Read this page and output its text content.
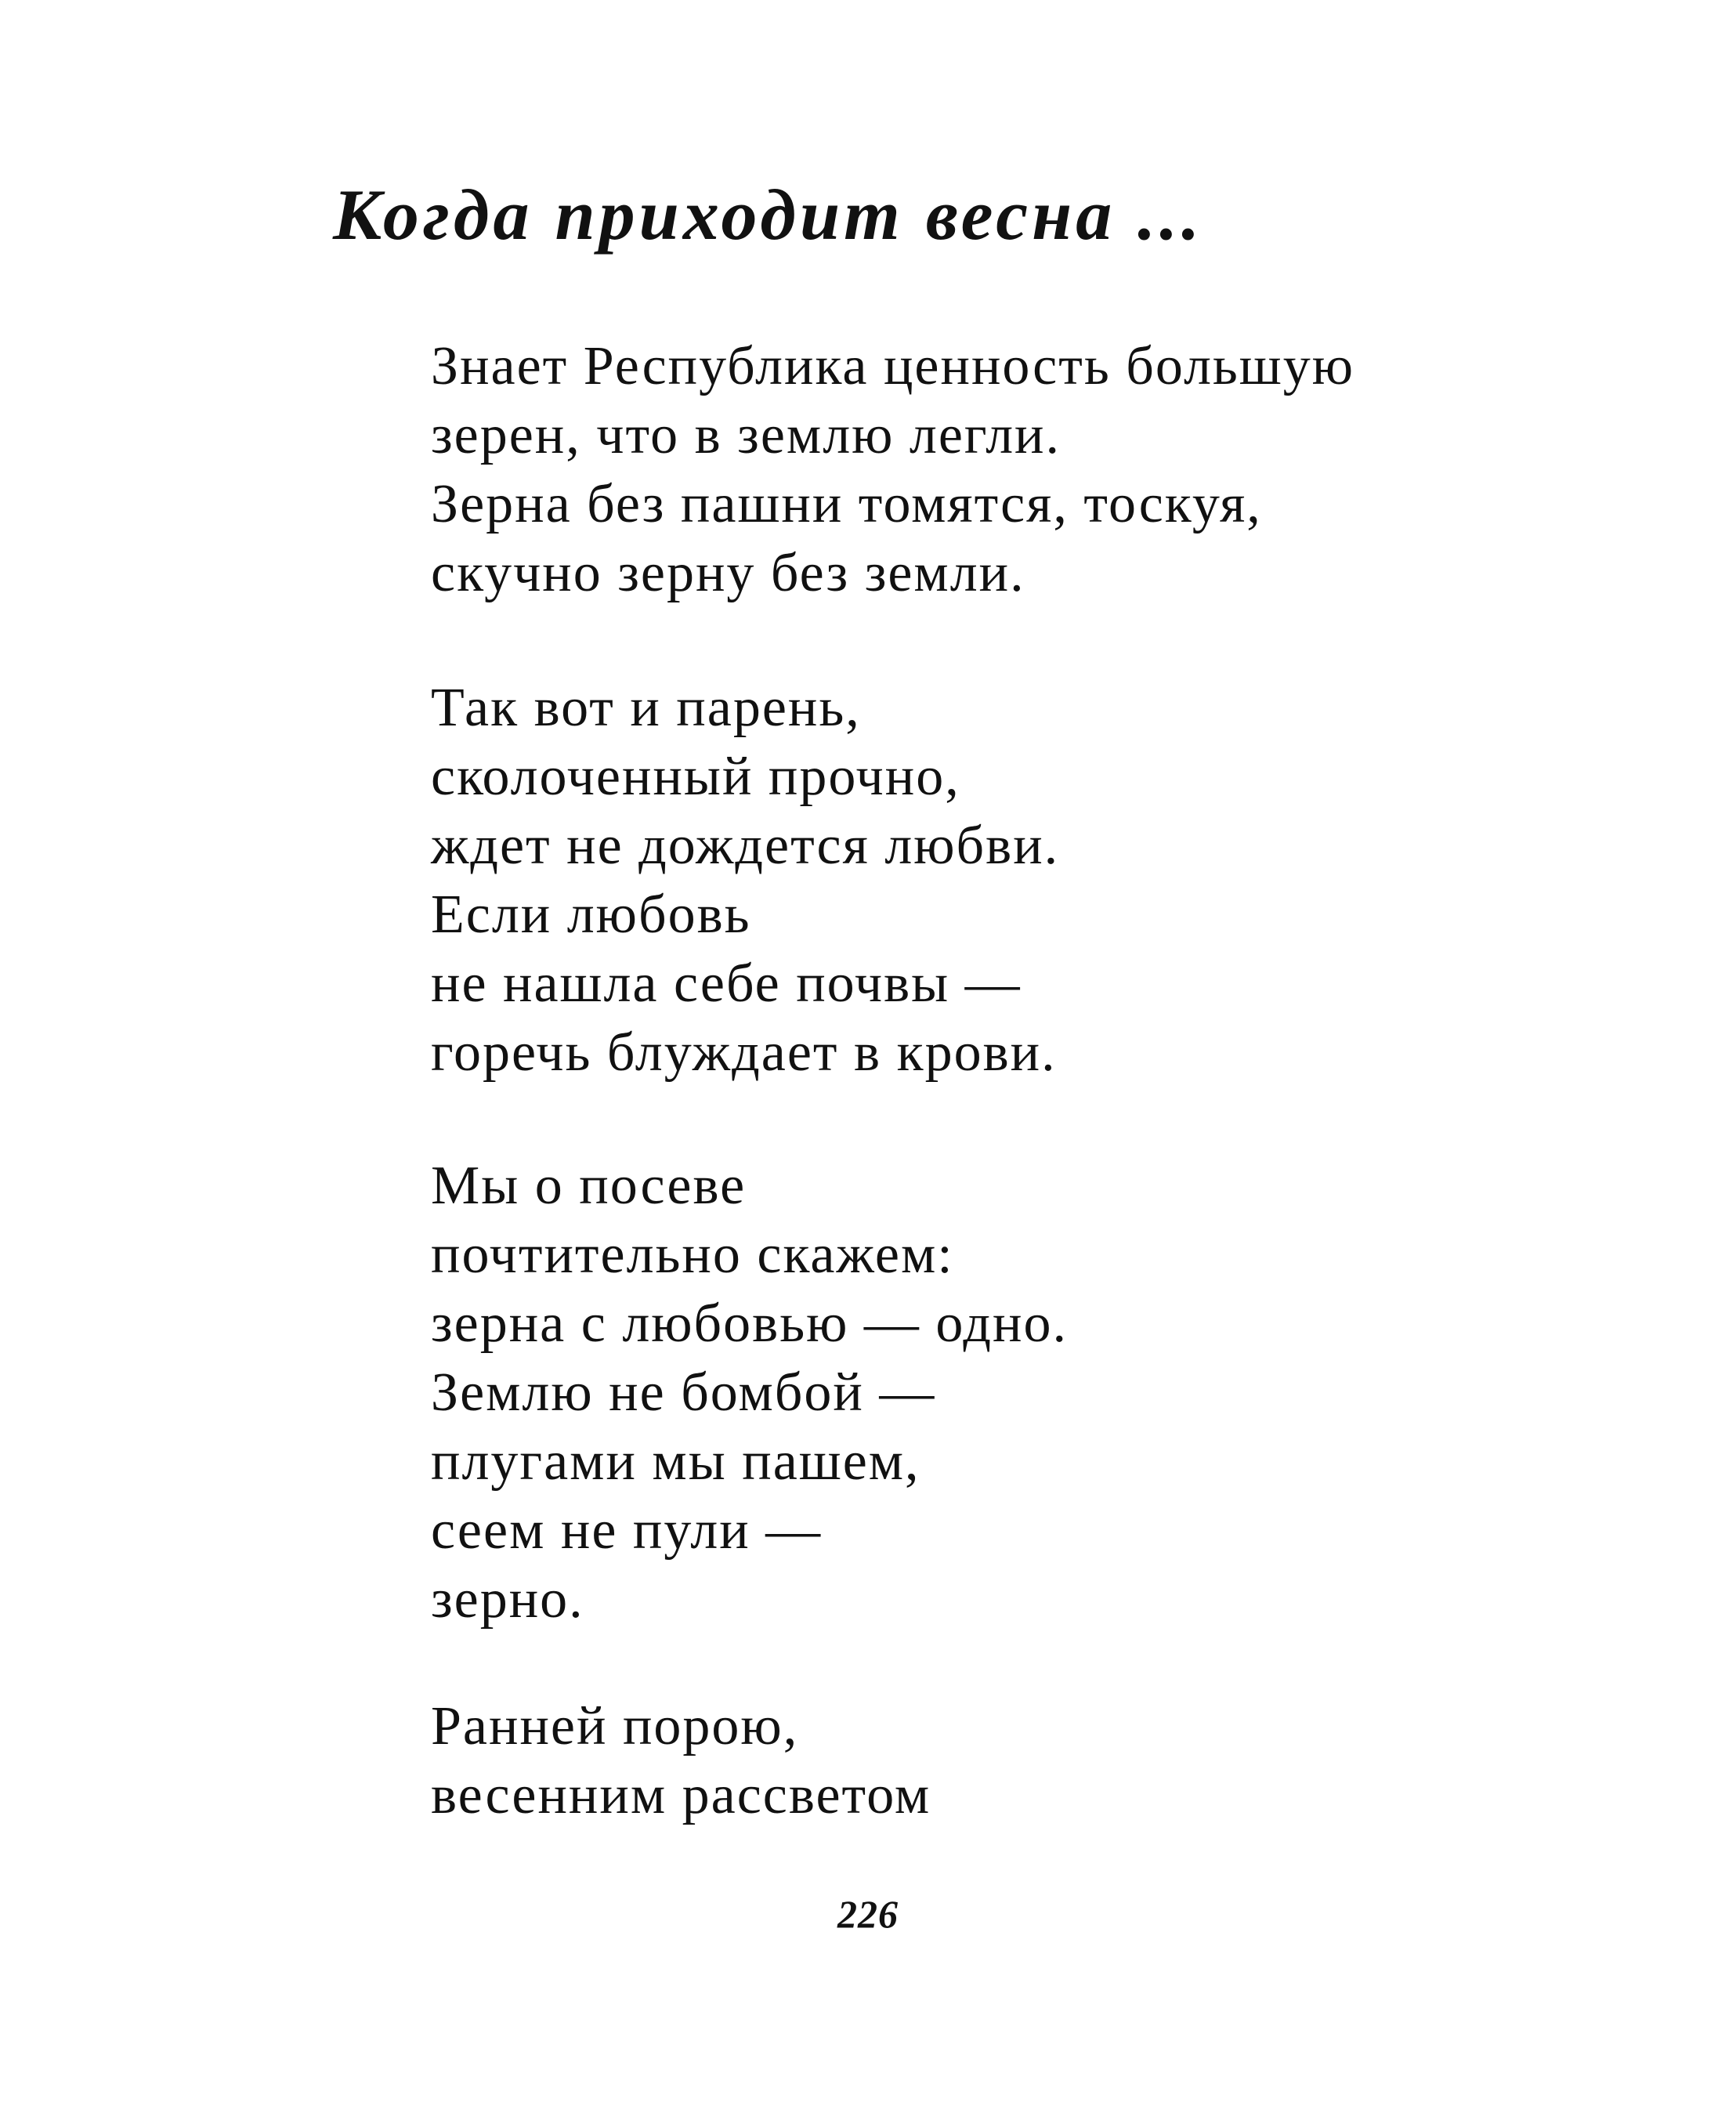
Когда приходит весна ...
Знает Республика ценность большую
зерен, что в землю легли.
Зерна без пашни томятся, тоскуя,
скучно зерну без земли.
Так вот и парень,
сколоченный прочно,
ждет не дождется любви.
Если любовь
не нашла себе почвы —
горечь блуждает в крови.
Мы о посеве
почтительно скажем:
зерна с любовью — одно.
Землю не бомбой —
плугами мы пашем,
сеем не пули —
зерно.
Ранней порою,
весенним рассветом
226
